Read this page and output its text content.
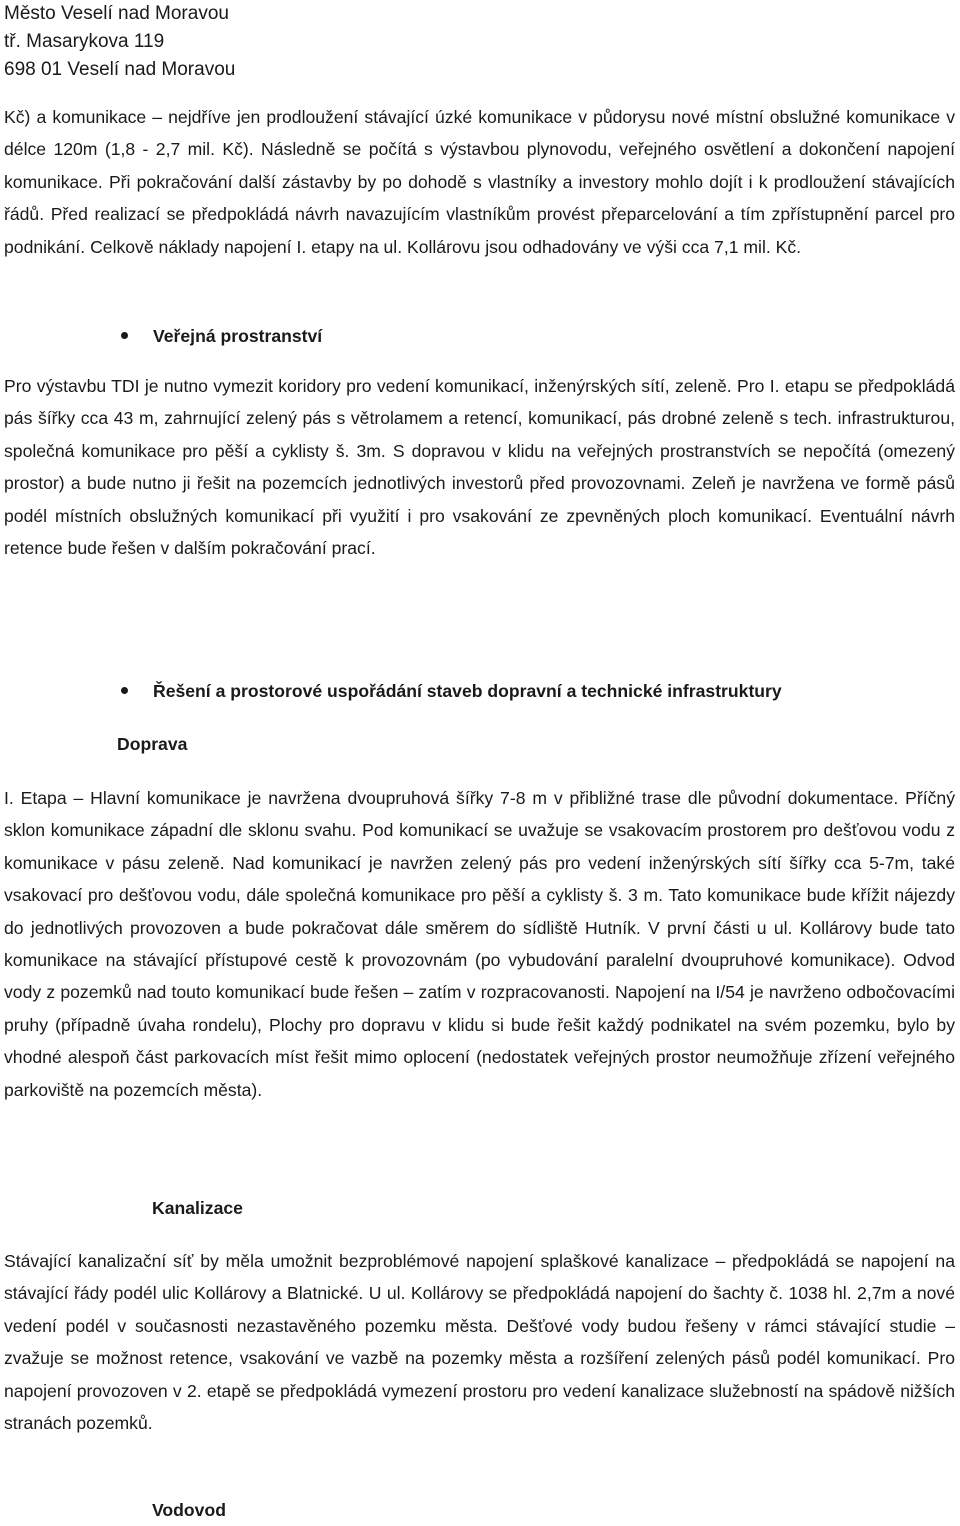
Město Veselí nad Moravou
tř. Masarykova 119
698 01 Veselí nad Moravou

Kč) a komunikace – nejdříve jen prodloužení stávající úzké komunikace v půdorysu nové místní obslužné komunikace v délce 120m (1,8 - 2,7 mil. Kč). Následně se počítá s výstavbou plynovodu, veřejného osvětlení a dokončení napojení komunikace. Při pokračování další zástavby by po dohodě s vlastníky a investory mohlo dojít i k prodloužení stávajících řádů. Před realizací se předpokládá návrh navazujícím vlastníkům provést přeparcelování a tím zpřístupnění parcel pro podnikání. Celkově náklady napojení I. etapy na ul. Kollárovu jsou odhadovány ve výši cca 7,1 mil. Kč.

Veřejná prostranství

Pro výstavbu TDI je nutno vymezit koridory pro vedení komunikací, inženýrských sítí, zeleně. Pro I. etapu se předpokládá pás šířky cca 43 m, zahrnující zelený pás s větrolamem a retencí, komunikací, pás drobné zeleně s tech. infrastrukturou, společná komunikace pro pěší a cyklisty š. 3m. S dopravou v klidu na veřejných prostranstvích se nepočítá (omezený prostor) a bude nutno ji řešit na pozemcích jednotlivých investorů před provozovnami. Zeleň je navržena ve formě pásů podél místních obslužných komunikací při využití i pro vsakování ze zpevněných ploch komunikací. Eventuální návrh retence bude řešen v dalším pokračování prací.

Řešení a prostorové uspořádání staveb dopravní a technické infrastruktury
Doprava

I. Etapa – Hlavní komunikace je navržena dvoupruhová šířky 7-8 m v přibližné trase dle původní dokumentace. Příčný sklon komunikace západní dle sklonu svahu. Pod komunikací se uvažuje se vsakovacím prostorem pro dešťovou vodu z komunikace v pásu zeleně. Nad komunikací je navržen zelený pás pro vedení inženýrských sítí šířky cca 5-7m, také vsakovací pro dešťovou vodu, dále společná komunikace pro pěší a cyklisty š. 3 m. Tato komunikace bude křížit nájezdy do jednotlivých provozoven a bude pokračovat dále směrem do sídliště Hutník. V první části u ul. Kollárovy bude tato komunikace na stávající přístupové cestě k provozovnám (po vybudování paralelní dvoupruhové komunikace). Odvod vody z pozemků nad touto komunikací bude řešen – zatím v rozpracovanosti. Napojení na I/54 je navrženo odbočovacími pruhy (případně úvaha rondelu), Plochy pro dopravu v klidu si bude řešit každý podnikatel na svém pozemku, bylo by vhodné alespoň část parkovacích míst řešit mimo oplocení (nedostatek veřejných prostor neumožňuje zřízení veřejného parkoviště na pozemcích města).

Kanalizace

Stávající kanalizační síť by měla umožnit bezproblémové napojení splaškové kanalizace – předpokládá se napojení na stávající řády podél ulic Kollárovy a Blatnické. U ul. Kollárovy se předpokládá napojení do šachty č. 1038 hl. 2,7m a nové vedení podél v současnosti nezastavěného pozemku města. Dešťové vody budou řešeny v rámci stávající studie – zvažuje se možnost retence, vsakování ve vazbě na pozemky města a rozšíření zelených pásů podél komunikací. Pro napojení provozoven v 2. etapě se předpokládá vymezení prostoru pro vedení kanalizace služebností na spádově nižších stranách pozemků.

Vodovod
